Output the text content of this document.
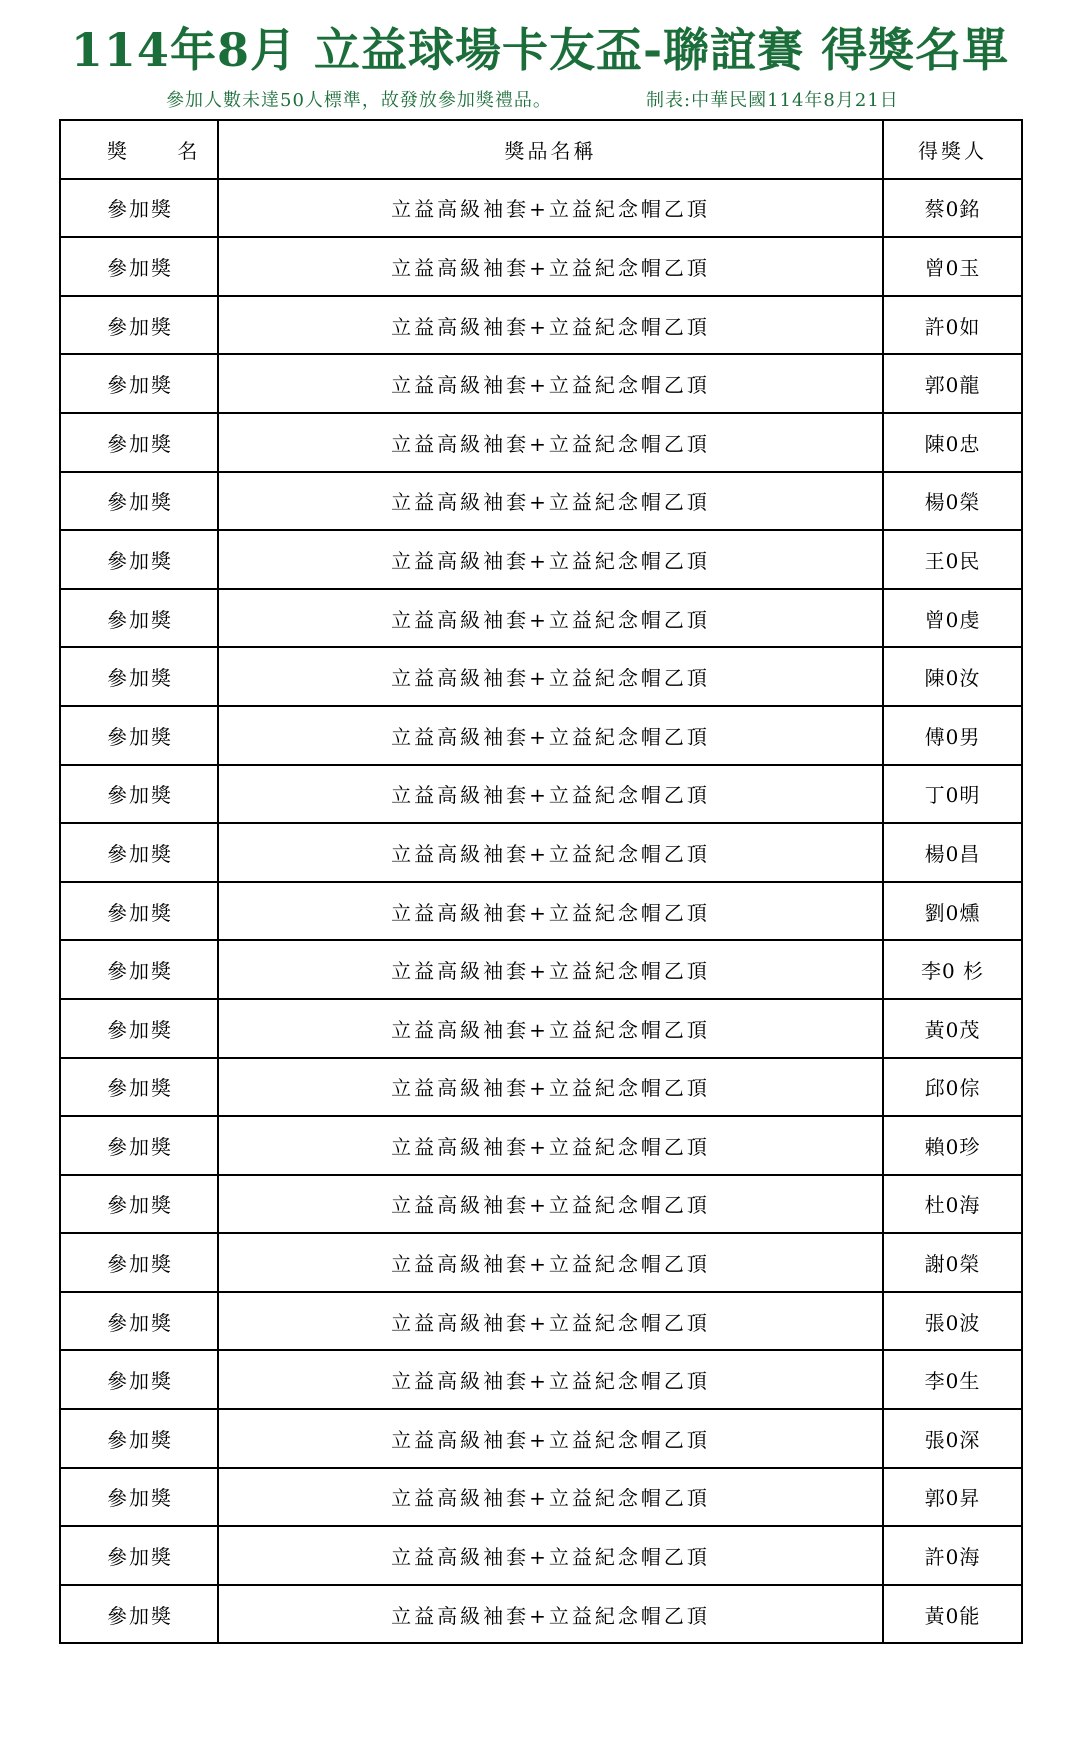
114年8月 立益球場卡友盃-聯誼賽 得獎名單
參加人數未達50人標準，故發放參加獎禮品。	制表:中華民國114年8月21日
獎 名	獎品名稱	得獎人
參加獎	立益高級袖套+立益紀念帽乙頂	蔡0銘
參加獎	立益高級袖套+立益紀念帽乙頂	曾0玉
參加獎	立益高級袖套+立益紀念帽乙頂	許0如
參加獎	立益高級袖套+立益紀念帽乙頂	郭0龍
參加獎	立益高級袖套+立益紀念帽乙頂	陳0忠
參加獎	立益高級袖套+立益紀念帽乙頂	楊0榮
參加獎	立益高級袖套+立益紀念帽乙頂	王0民
參加獎	立益高級袖套+立益紀念帽乙頂	曾0虔
參加獎	立益高級袖套+立益紀念帽乙頂	陳0汝
參加獎	立益高級袖套+立益紀念帽乙頂	傅0男
參加獎	立益高級袖套+立益紀念帽乙頂	丁0明
參加獎	立益高級袖套+立益紀念帽乙頂	楊0昌
參加獎	立益高級袖套+立益紀念帽乙頂	劉0燻
參加獎	立益高級袖套+立益紀念帽乙頂	李0 杉
參加獎	立益高級袖套+立益紀念帽乙頂	黃0茂
參加獎	立益高級袖套+立益紀念帽乙頂	邱0倧
參加獎	立益高級袖套+立益紀念帽乙頂	賴0珍
參加獎	立益高級袖套+立益紀念帽乙頂	杜0海
參加獎	立益高級袖套+立益紀念帽乙頂	謝0榮
參加獎	立益高級袖套+立益紀念帽乙頂	張0波
參加獎	立益高級袖套+立益紀念帽乙頂	李0生
參加獎	立益高級袖套+立益紀念帽乙頂	張0深
參加獎	立益高級袖套+立益紀念帽乙頂	郭0昇
參加獎	立益高級袖套+立益紀念帽乙頂	許0海
參加獎	立益高級袖套+立益紀念帽乙頂	黃0能
